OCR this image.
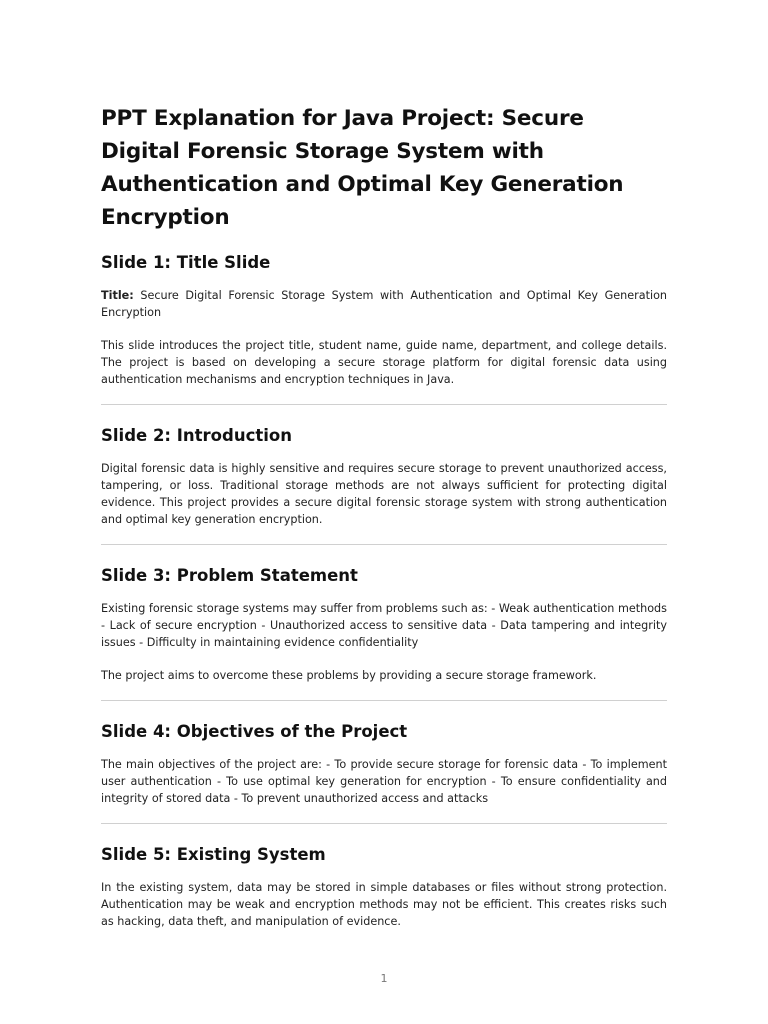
PPT Explanation for Java Project: Secure Digital Forensic Storage System with Authentication and Optimal Key Generation Encryption
Slide 1: Title Slide

Title: Secure Digital Forensic Storage System with Authentication and Optimal Key Generation Encryption

This slide introduces the project title, student name, guide name, department, and college details. The project is based on developing a secure storage platform for digital forensic data using authentication mechanisms and encryption techniques in Java.

Slide 2: Introduction

Digital forensic data is highly sensitive and requires secure storage to prevent unauthorized access, tampering, or loss. Traditional storage methods are not always sufficient for protecting digital evidence. This project provides a secure digital forensic storage system with strong authentication and optimal key generation encryption.

Slide 3: Problem Statement

Existing forensic storage systems may suffer from problems such as: - Weak authentication methods - Lack of secure encryption - Unauthorized access to sensitive data - Data tampering and integrity issues - Difficulty in maintaining evidence confidentiality

The project aims to overcome these problems by providing a secure storage framework.

Slide 4: Objectives of the Project

The main objectives of the project are: - To provide secure storage for forensic data - To implement user authentication - To use optimal key generation for encryption - To ensure confidentiality and integrity of stored data - To prevent unauthorized access and attacks

Slide 5: Existing System

In the existing system, data may be stored in simple databases or files without strong protection. Authentication may be weak and encryption methods may not be efficient. This creates risks such as hacking, data theft, and manipulation of evidence.

1
